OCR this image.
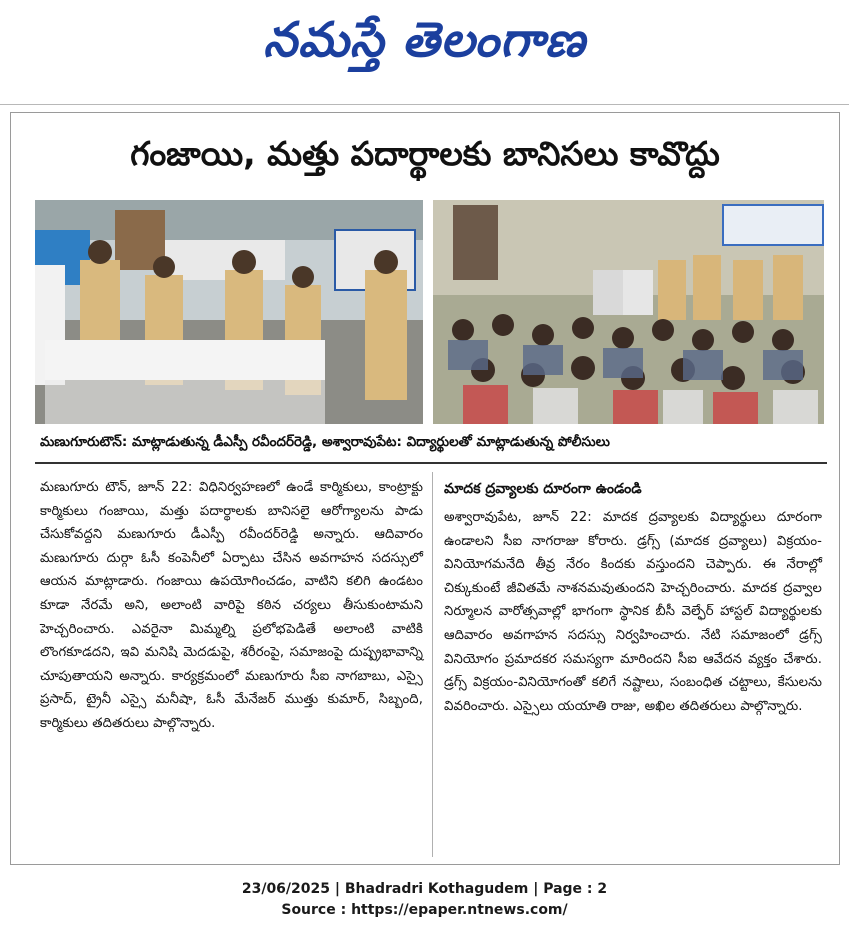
నమస్తే తెలంగాణ
గంజాయి, మత్తు పదార్థాలకు బానిసలు కావొద్దు
మణుగూరుటౌన్: మాట్లాడుతున్న డీఎస్పీ రవీందర్‌రెడ్డి, అశ్వారావుపేట: విద్యార్థులతో మాట్లాడుతున్న పోలీసులు
మణుగూరు టౌన్, జూన్ 22: విధినిర్వహణలో ఉండే కార్మికులు, కాంట్రాక్టు కార్మికులు గంజాయి, మత్తు పదార్థాలకు బానిసలై ఆరోగ్యాలను పాడు చేసుకోవద్దని మణుగూరు డీఎస్పీ రవీందర్‌రెడ్డి అన్నారు. ఆదివారం మణుగూరు దుర్గా ఓసీ కంపెనీలో ఏర్పాటు చేసిన అవగాహన సదస్సులో ఆయన మాట్లాడారు. గంజాయి ఉపయోగించడం, వాటిని కలిగి ఉండటం కూడా నేరమే అని, అలాంటి వారిపై కఠిన చర్యలు తీసుకుంటామని హెచ్చరించారు. ఎవరైనా మిమ్మల్ని ప్రలోభపెడితే అలాంటి వాటికి లొంగకూడదని, ఇవి మనిషి మెదడుపై, శరీరంపై, సమాజంపై దుష్ప్రభావాన్ని చూపుతాయని అన్నారు. కార్యక్రమంలో మణుగూరు సీఐ నాగబాబు, ఎస్సై ప్రసాద్, ట్రైనీ ఎస్సై మనీషా, ఓసీ మేనేజర్ ముత్తు కుమార్, సిబ్బంది, కార్మికులు తదితరులు పాల్గొన్నారు.
మాదక ద్రవ్యాలకు దూరంగా ఉండండి
అశ్వారావుపేట, జూన్ 22: మాదక ద్రవ్యాలకు విద్యార్థులు దూరంగా ఉండాలని సీఐ నాగరాజు కోరారు. డ్రగ్స్ (మాదక ద్రవ్యాలు) విక్రయం-వినియోగమనేది తీవ్ర నేరం కిందకు వస్తుందని చెప్పారు. ఈ నేరాల్లో చిక్కుకుంటే జీవితమే నాశనమవుతుందని హెచ్చరించారు. మాదక ద్రవ్వాల నిర్మూలన వారోత్సవాల్లో భాగంగా స్థానిక బీసీ వెల్ఫేర్ హాస్టల్ విద్యార్థులకు ఆదివారం అవగాహన సదస్సు నిర్వహించారు. నేటి సమాజంలో డ్రగ్స్ వినియోగం ప్రమాదకర సమస్యగా మారిందని సీఐ ఆవేదన వ్యక్తం చేశారు. డ్రగ్స్ విక్రయం-వినియోగంతో కలిగే నష్టాలు, సంబంధిత చట్టాలు, కేసులను వివరించారు. ఎస్సైలు యయాతి రాజు, అఖిల తదితరులు పాల్గొన్నారు.
23/06/2025 | Bhadradri Kothagudem | Page : 2
Source : https://epaper.ntnews.com/
